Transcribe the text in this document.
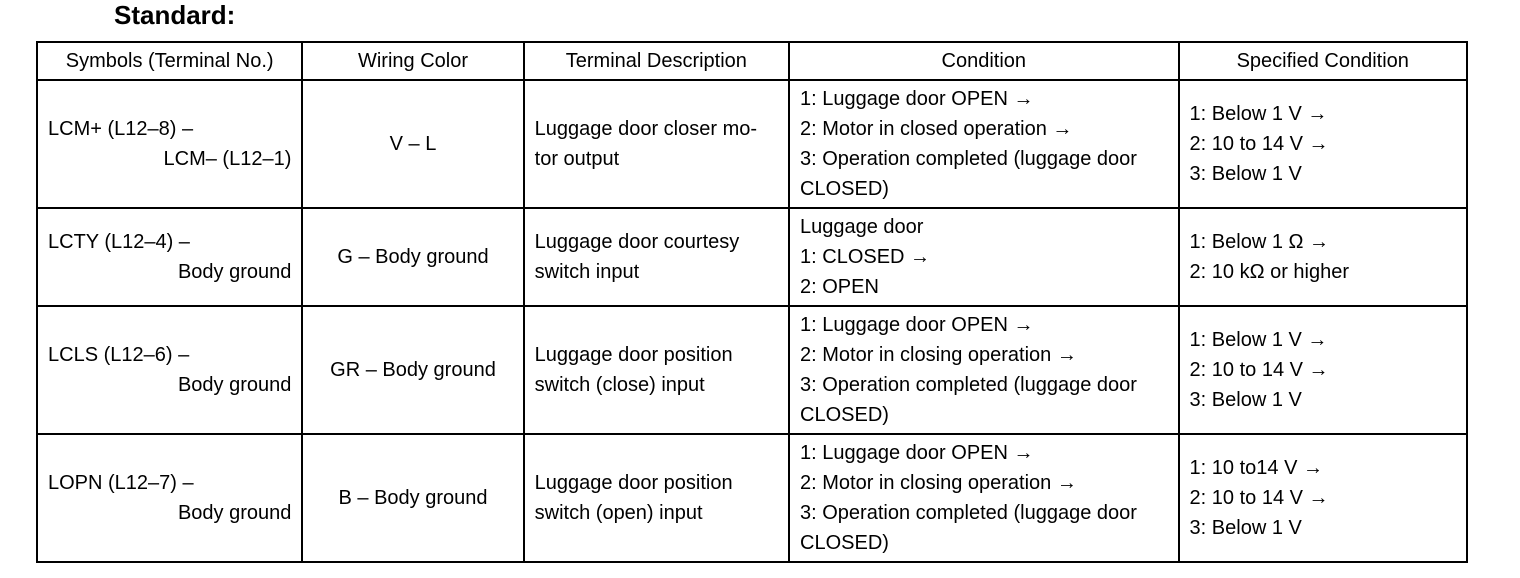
Standard:
Symbols (Terminal No.)	Wiring Color	Terminal Description	Condition	Specified Condition

LCM+ (L12–8) –
LCM– (L12–1)	V – L	Luggage door closer mo-
tor output	1: Luggage door OPEN →
2: Motor in closed operation →
3: Operation completed (luggage door
CLOSED)	1: Below 1 V →
2: 10 to 14 V →
3: Below 1 V

LCTY (L12–4) –
Body ground	G – Body ground	Luggage door courtesy
switch input	Luggage door
1: CLOSED →
2: OPEN	1: Below 1 Ω →
2: 10 kΩ or higher

LCLS (L12–6) –
Body ground	GR – Body ground	Luggage door position
switch (close) input	1: Luggage door OPEN →
2: Motor in closing operation →
3: Operation completed (luggage door
CLOSED)	1: Below 1 V →
2: 10 to 14 V →
3: Below 1 V

LOPN (L12–7) –
Body ground	B – Body ground	Luggage door position
switch (open) input	1: Luggage door OPEN →
2: Motor in closing operation →
3: Operation completed (luggage door
CLOSED)	1: 10 to14 V →
2: 10 to 14 V →
3: Below 1 V
